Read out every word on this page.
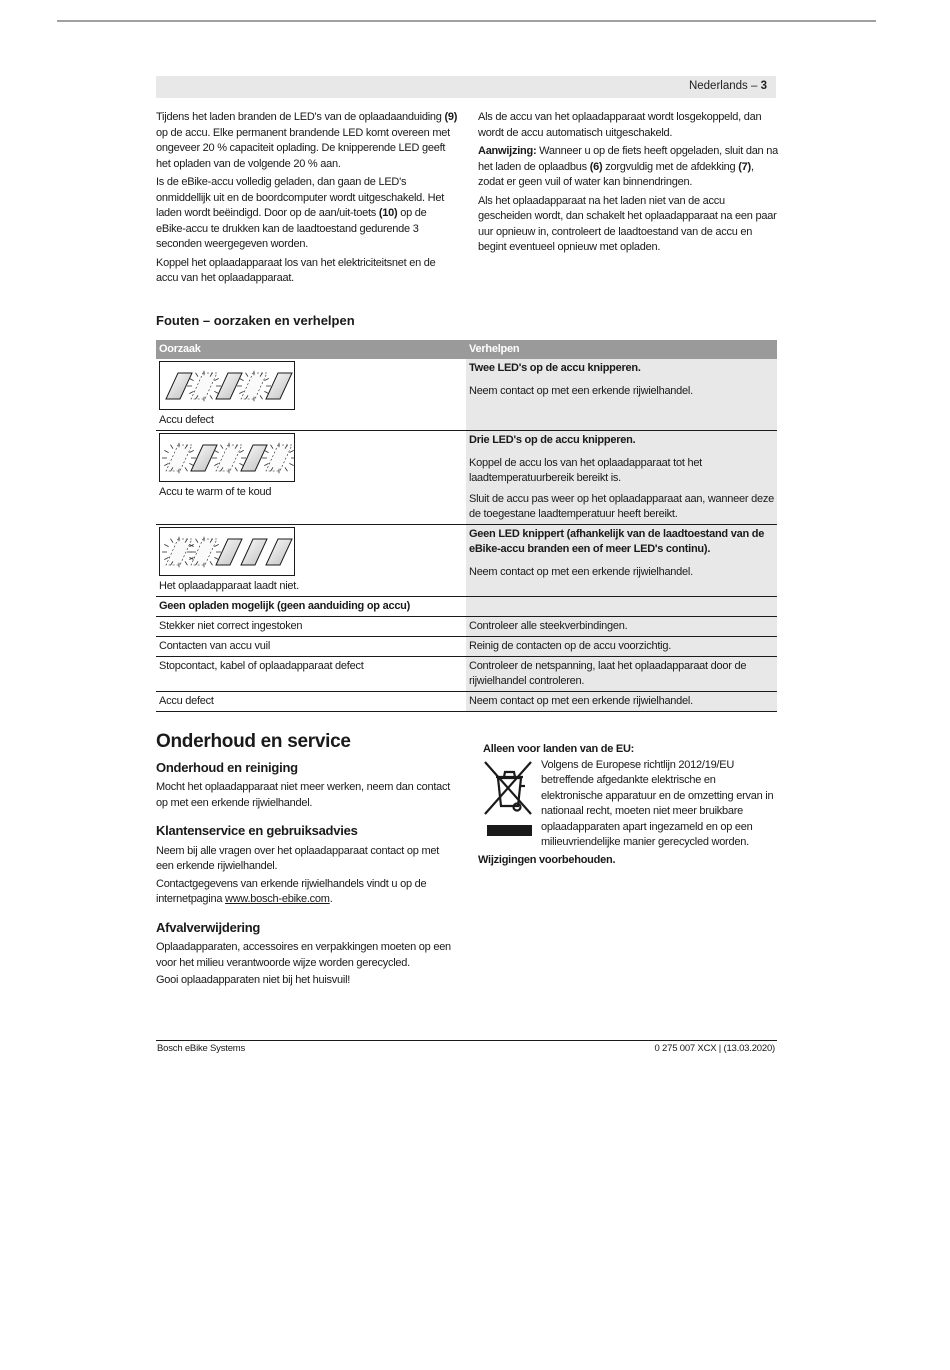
Nederlands – 3

Tijdens het laden branden de LED's van de oplaadaanduiding (9) op de accu. Elke permanent brandende LED komt overeen met ongeveer 20 % capaciteit oplading. De knipperende LED geeft het opladen van de volgende 20 % aan.

Is de eBike-accu volledig geladen, dan gaan de LED's onmiddellijk uit en de boordcomputer wordt uitgeschakeld. Het laden wordt beëindigd. Door op de aan/uit-toets (10) op de eBike-accu te drukken kan de laadtoestand gedurende 3 seconden weergegeven worden.

Koppel het oplaadapparaat los van het elektriciteitsnet en de accu van het oplaadapparaat.

Als de accu van het oplaadapparaat wordt losgekoppeld, dan wordt de accu automatisch uitgeschakeld.

Aanwijzing: Wanneer u op de fiets heeft opgeladen, sluit dan na het laden de oplaadbus (6) zorgvuldig met de afdekking (7), zodat er geen vuil of water kan binnendringen.

Als het oplaadapparaat na het laden niet van de accu gescheiden wordt, dan schakelt het oplaadapparaat na een paar uur opnieuw in, controleert de laadtoestand van de accu en begint eventueel opnieuw met opladen.

Fouten – oorzaken en verhelpen
Oorzaak	Verhelpen

Accu defect	Twee LED's op de accu knipperen.
Neem contact op met een erkende rijwielhandel.

Accu te warm of te koud	Drie LED's op de accu knipperen.
Koppel de accu los van het oplaadapparaat tot het laadtemperatuurbereik bereikt is.
Sluit de accu pas weer op het oplaadapparaat aan, wanneer deze de toegestane laadtemperatuur heeft bereikt.

Het oplaadapparaat laadt niet.	Geen LED knippert (afhankelijk van de laadtoestand van de eBike-accu branden een of meer LED's continu).
Neem contact op met een erkende rijwielhandel.

Geen opladen mogelijk (geen aanduiding op accu)	
Stekker niet correct ingestoken	Controleer alle steekverbindingen.
Contacten van accu vuil	Reinig de contacten op de accu voorzichtig.
Stopcontact, kabel of oplaadapparaat defect	Controleer de netspanning, laat het oplaadapparaat door de rijwielhandel controleren.
Accu defect	Neem contact op met een erkende rijwielhandel.
Onderhoud en service
Onderhoud en reiniging

Mocht het oplaadapparaat niet meer werken, neem dan contact op met een erkende rijwielhandel.

Klantenservice en gebruiksadvies

Neem bij alle vragen over het oplaadapparaat contact op met een erkende rijwielhandel.

Contactgegevens van erkende rijwielhandels vindt u op de internetpagina www.bosch-ebike.com.

Afvalverwijdering

Oplaadapparaten, accessoires en verpakkingen moeten op een voor het milieu verantwoorde wijze worden gerecycled.

Gooi oplaadapparaten niet bij het huisvuil!

Alleen voor landen van de EU:
Volgens de Europese richtlijn 2012/19/EU betreffende afgedankte elektrische en elektronische apparatuur en de omzetting ervan in nationaal recht, moeten niet meer bruikbare oplaadapparaten apart ingezameld en op een milieuvriendelijke manier gerecycled worden.
Wijzigingen voorbehouden.
Bosch eBike Systems	0 275 007 XCX | (13.03.2020)
